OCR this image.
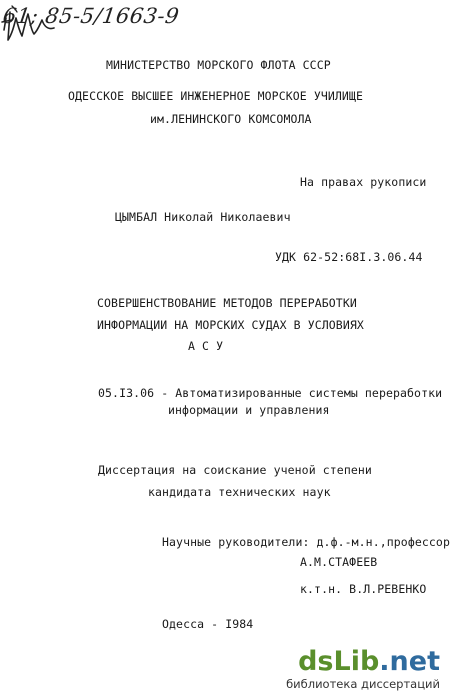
61; 85-5/1663-9
МИНИСТЕРСТВО МОРСКОГО ФЛОТА СССР
ОДЕССКОЕ ВЫСШЕЕ ИНЖЕНЕРНОЕ МОРСКОЕ УЧИЛИЩЕ
им.ЛЕНИНСКОГО КОМСОМОЛА
На правах рукописи
ЦЫМБАЛ Николай Николаевич
УДК 62-52:68I.3.06.44
СОВЕРШЕНСТВОВАНИЕ МЕТОДОВ ПЕРЕРАБОТКИ
ИНФОРМАЦИИ НА МОРСКИХ СУДАХ В УСЛОВИЯХ
А С У
05.I3.06 - Автоматизированные системы переработки
информации и управления
Диссертация на соискание ученой степени
кандидата технических наук
Научные руководители: д.ф.-м.н.,профессор
А.М.СТАФЕЕВ
к.т.н. В.Л.РЕВЕНКО
Одесса - I984
dsLib.net
библиотека диссертаций
